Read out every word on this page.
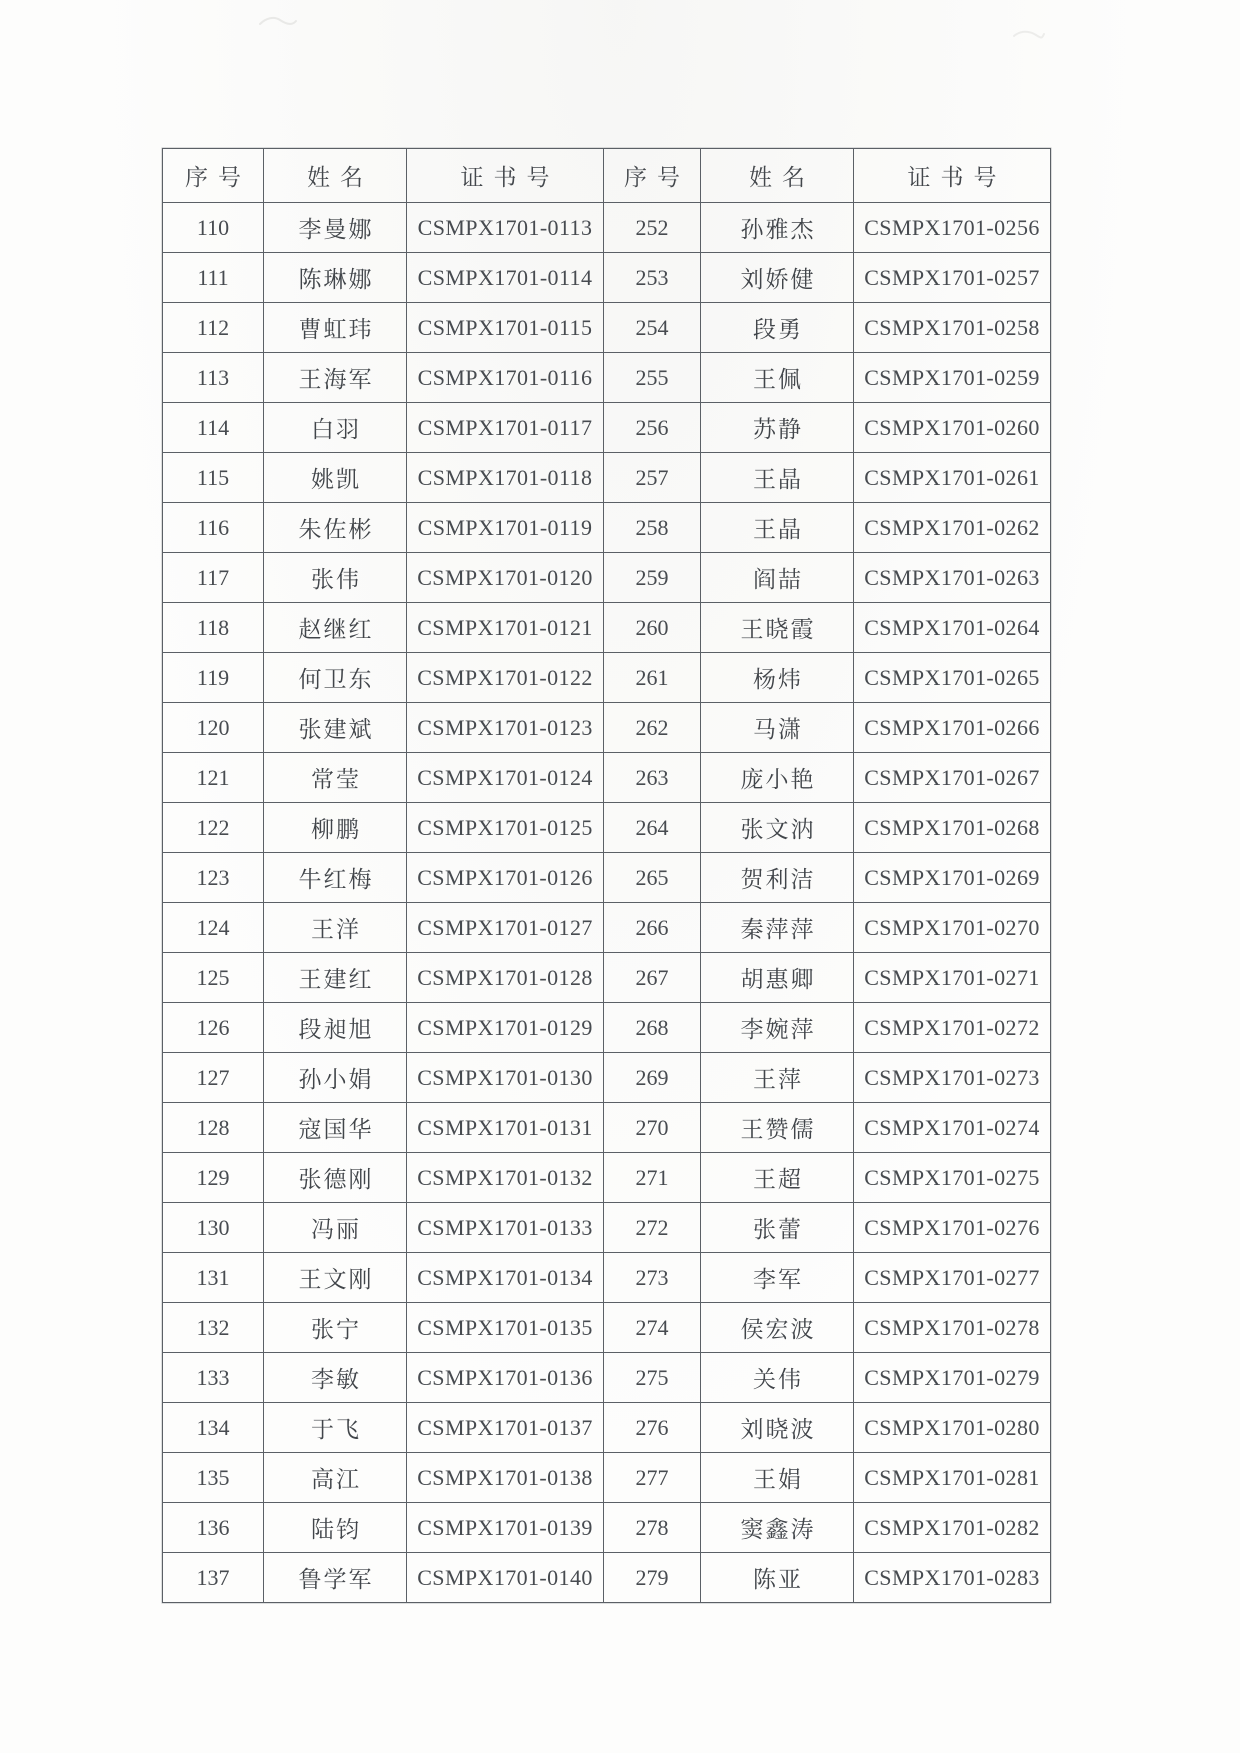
序号	姓名	证书号	序号	姓名	证书号
110	李曼娜	CSMPX1701-0113	252	孙雅杰	CSMPX1701-0256
111	陈琳娜	CSMPX1701-0114	253	刘娇健	CSMPX1701-0257
112	曹虹玮	CSMPX1701-0115	254	段勇	CSMPX1701-0258
113	王海军	CSMPX1701-0116	255	王佩	CSMPX1701-0259
114	白羽	CSMPX1701-0117	256	苏静	CSMPX1701-0260
115	姚凯	CSMPX1701-0118	257	王晶	CSMPX1701-0261
116	朱佐彬	CSMPX1701-0119	258	王晶	CSMPX1701-0262
117	张伟	CSMPX1701-0120	259	阎喆	CSMPX1701-0263
118	赵继红	CSMPX1701-0121	260	王晓霞	CSMPX1701-0264
119	何卫东	CSMPX1701-0122	261	杨炜	CSMPX1701-0265
120	张建斌	CSMPX1701-0123	262	马潇	CSMPX1701-0266
121	常莹	CSMPX1701-0124	263	庞小艳	CSMPX1701-0267
122	柳鹏	CSMPX1701-0125	264	张文汭	CSMPX1701-0268
123	牛红梅	CSMPX1701-0126	265	贺利洁	CSMPX1701-0269
124	王洋	CSMPX1701-0127	266	秦萍萍	CSMPX1701-0270
125	王建红	CSMPX1701-0128	267	胡惠卿	CSMPX1701-0271
126	段昶旭	CSMPX1701-0129	268	李婉萍	CSMPX1701-0272
127	孙小娟	CSMPX1701-0130	269	王萍	CSMPX1701-0273
128	寇国华	CSMPX1701-0131	270	王赞儒	CSMPX1701-0274
129	张德刚	CSMPX1701-0132	271	王超	CSMPX1701-0275
130	冯丽	CSMPX1701-0133	272	张蕾	CSMPX1701-0276
131	王文刚	CSMPX1701-0134	273	李军	CSMPX1701-0277
132	张宁	CSMPX1701-0135	274	侯宏波	CSMPX1701-0278
133	李敏	CSMPX1701-0136	275	关伟	CSMPX1701-0279
134	于飞	CSMPX1701-0137	276	刘晓波	CSMPX1701-0280
135	高江	CSMPX1701-0138	277	王娟	CSMPX1701-0281
136	陆钧	CSMPX1701-0139	278	窦鑫涛	CSMPX1701-0282
137	鲁学军	CSMPX1701-0140	279	陈亚	CSMPX1701-0283
